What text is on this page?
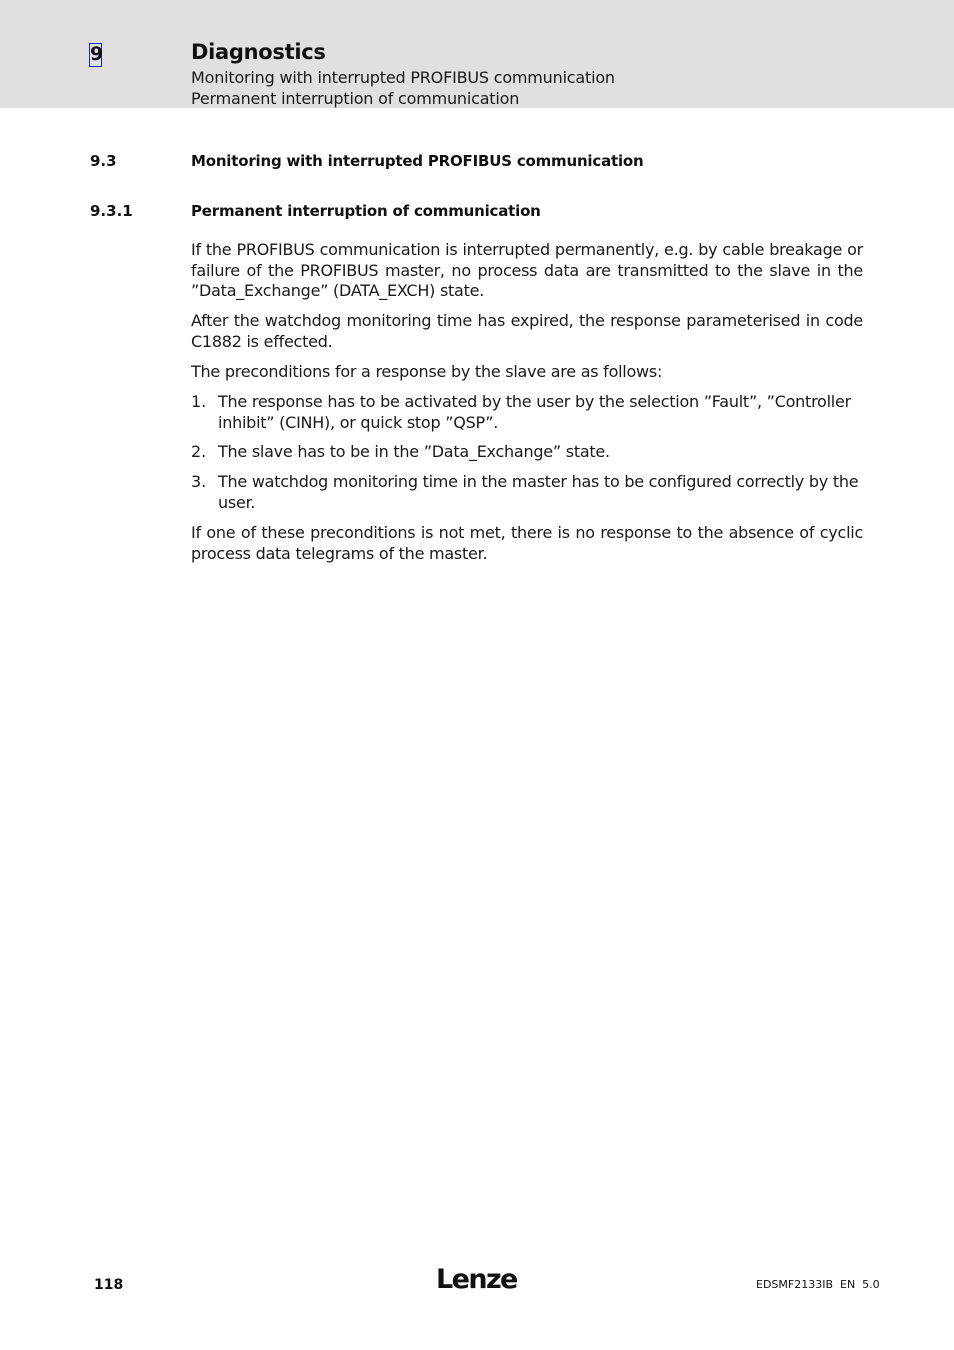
9	Diagnostics
Monitoring with interrupted PROFIBUS communication
Permanent interruption of communication
9.3	Monitoring with interrupted PROFIBUS communication
9.3.1	Permanent interruption of communication
If the PROFIBUS communication is interrupted permanently, e.g. by cable breakage or failure of the PROFIBUS master, no process data are transmitted to the slave in the ”Data_Exchange” (DATA_EXCH) state.
After the watchdog monitoring time has expired, the response parameterised in code C1882 is effected.
The preconditions for a response by the slave are as follows:
1. The response has to be activated by the user by the selection ”Fault”, ”Controller inhibit” (CINH), or quick stop ”QSP”.
2. The slave has to be in the ”Data_Exchange” state.
3. The watchdog monitoring time in the master has to be configured correctly by the user.
If one of these preconditions is not met, there is no response to the absence of cyclic process data telegrams of the master.
118	Lenze	EDSMF2133IB  EN  5.0
